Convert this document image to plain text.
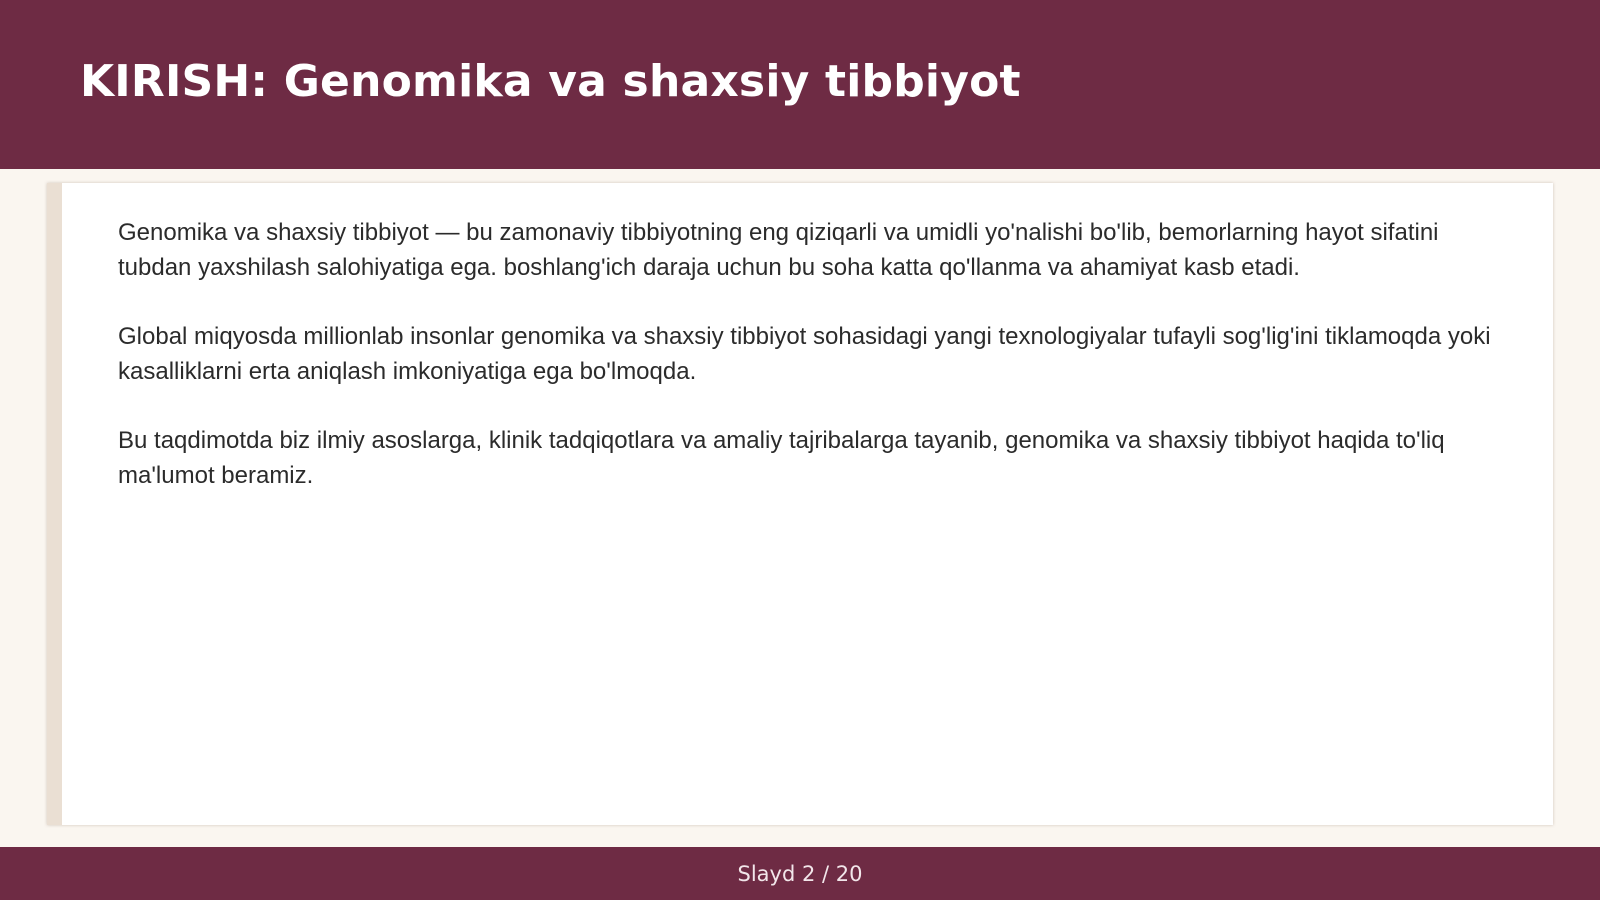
KIRISH: Genomika va shaxsiy tibbiyot

Genomika va shaxsiy tibbiyot — bu zamonaviy tibbiyotning eng qiziqarli va umidli yo'nalishi bo'lib, bemorlarning hayot sifatini tubdan yaxshilash salohiyatiga ega. boshlang'ich daraja uchun bu soha katta qo'llanma va ahamiyat kasb etadi.

Global miqyosda millionlab insonlar genomika va shaxsiy tibbiyot sohasidagi yangi texnologiyalar tufayli sog'lig'ini tiklamoqda yoki kasalliklarni erta aniqlash imkoniyatiga ega bo'lmoqda.

Bu taqdimotda biz ilmiy asoslarga, klinik tadqiqotlara va amaliy tajribalarga tayanib, genomika va shaxsiy tibbiyot haqida to'liq ma'lumot beramiz.

Slayd 2 / 20
